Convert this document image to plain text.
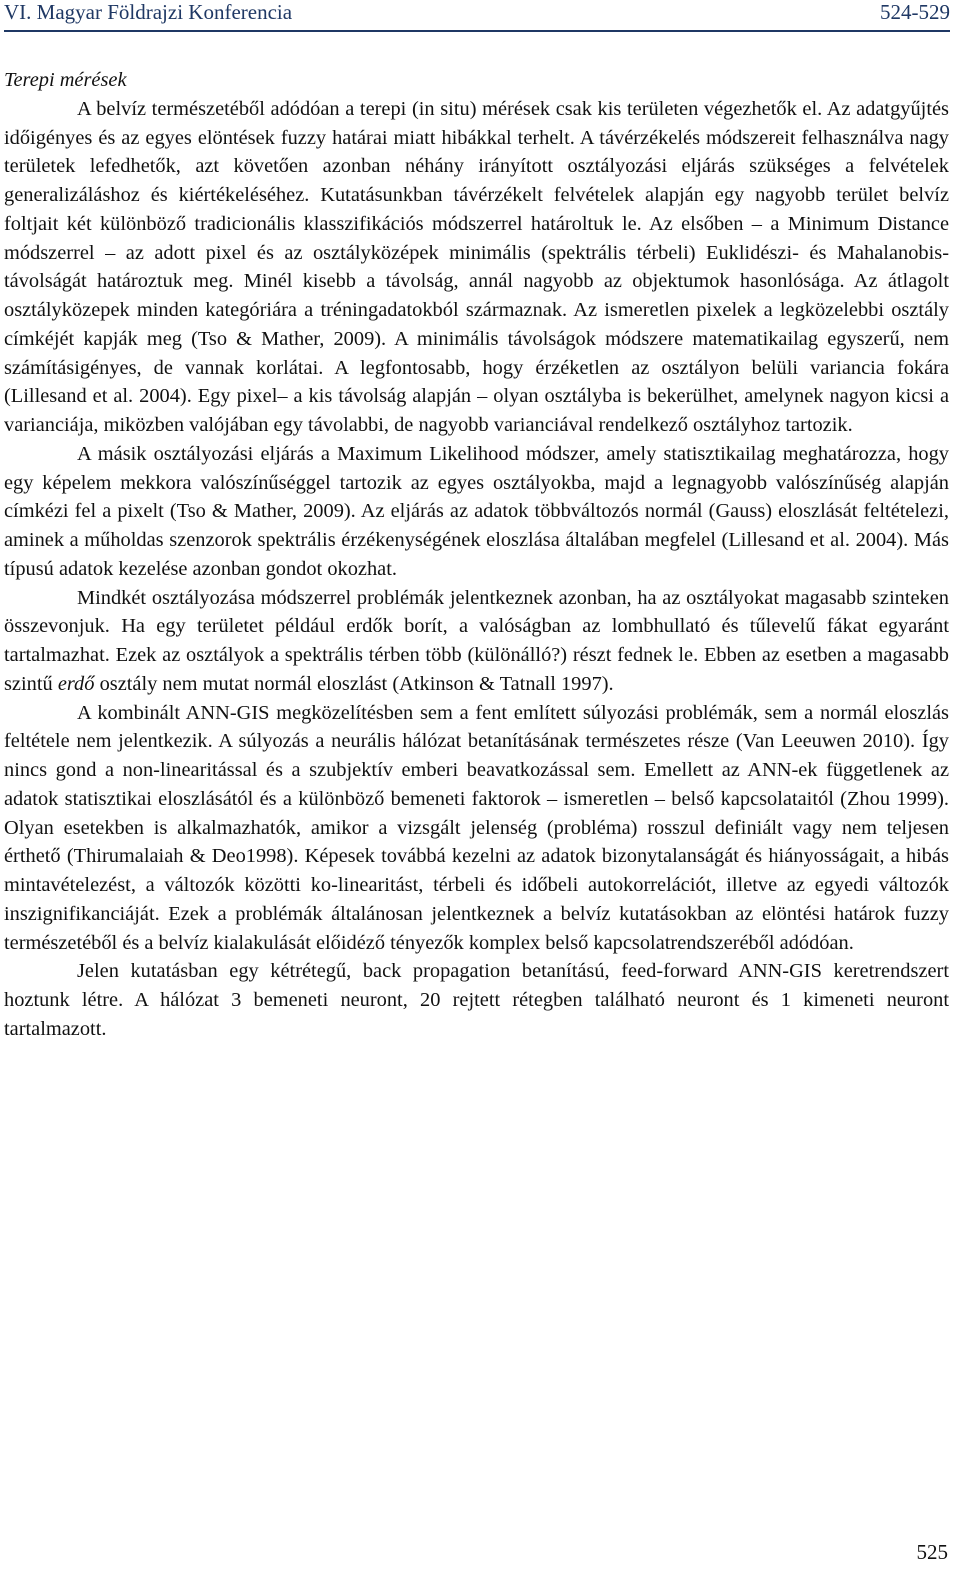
VI. Magyar Földrajzi Konferencia	524-529

Terepi mérések

A belvíz természetéből adódóan a terepi (in situ) mérések csak kis területen végezhetők el. Az adatgyűjtés időigényes és az egyes elöntések fuzzy határai miatt hibákkal terhelt. A távérzékelés módszereit felhasználva nagy területek lefedhetők, azt követően azonban néhány irányított osztályozási eljárás szükséges a felvételek generalizáláshoz és kiértékeléséhez. Kutatásunkban távérzékelt felvételek alapján egy nagyobb terület belvíz foltjait két különböző tradicionális klasszifikációs módszerrel határoltuk le. Az elsőben – a Minimum Distance módszerrel – az adott pixel és az osztályközépek minimális (spektrális térbeli) Euklidészi- és Mahalanobis-távolságát határoztuk meg. Minél kisebb a távolság, annál nagyobb az objektumok hasonlósága. Az átlagolt osztályközepek minden kategóriára a tréningadatokból származnak. Az ismeretlen pixelek a legközelebbi osztály címkéjét kapják meg (Tso & Mather, 2009). A minimális távolságok módszere matematikailag egyszerű, nem számításigényes, de vannak korlátai. A legfontosabb, hogy érzéketlen az osztályon belüli variancia fokára (Lillesand et al. 2004). Egy pixel– a kis távolság alapján – olyan osztályba is bekerülhet, amelynek nagyon kicsi a varianciája, miközben valójában egy távolabbi, de nagyobb varianciával rendelkező osztályhoz tartozik.

A másik osztályozási eljárás a Maximum Likelihood módszer, amely statisztikailag meghatározza, hogy egy képelem mekkora valószínűséggel tartozik az egyes osztályokba, majd a legnagyobb valószínűség alapján címkézi fel a pixelt (Tso & Mather, 2009). Az eljárás az adatok többváltozós normál (Gauss) eloszlását feltételezi, aminek a műholdas szenzorok spektrális érzékenységének eloszlása általában megfelel (Lillesand et al. 2004). Más típusú adatok kezelése azonban gondot okozhat.

Mindkét osztályozása módszerrel problémák jelentkeznek azonban, ha az osztályokat magasabb szinteken összevonjuk. Ha egy területet például erdők borít, a valóságban az lombhullató és tűlevelű fákat egyaránt tartalmazhat. Ezek az osztályok a spektrális térben több (különálló?) részt fednek le. Ebben az esetben a magasabb szintű erdő osztály nem mutat normál eloszlást (Atkinson & Tatnall 1997).

A kombinált ANN-GIS megközelítésben sem a fent említett súlyozási problémák, sem a normál eloszlás feltétele nem jelentkezik. A súlyozás a neurális hálózat betanításának természetes része (Van Leeuwen 2010). Így nincs gond a non-linearitással és a szubjektív emberi beavatkozással sem. Emellett az ANN-ek függetlenek az adatok statisztikai eloszlásától és a különböző bemeneti faktorok – ismeretlen – belső kapcsolataitól (Zhou 1999). Olyan esetekben is alkalmazhatók, amikor a vizsgált jelenség (probléma) rosszul definiált vagy nem teljesen érthető (Thirumalaiah & Deo1998). Képesek továbbá kezelni az adatok bizonytalanságát és hiányosságait, a hibás mintavételezést, a változók közötti ko-linearitást, térbeli és időbeli autokorrelációt, illetve az egyedi változók inszignifikanciáját. Ezek a problémák általánosan jelentkeznek a belvíz kutatásokban az elöntési határok fuzzy természetéből és a belvíz kialakulását előidéző tényezők komplex belső kapcsolatrendszeréből adódóan.

Jelen kutatásban egy kétrétegű, back propagation betanítású, feed-forward ANN-GIS keretrendszert hoztunk létre. A hálózat 3 bemeneti neuront, 20 rejtett rétegben található neuront és 1 kimeneti neuront tartalmazott.

525
